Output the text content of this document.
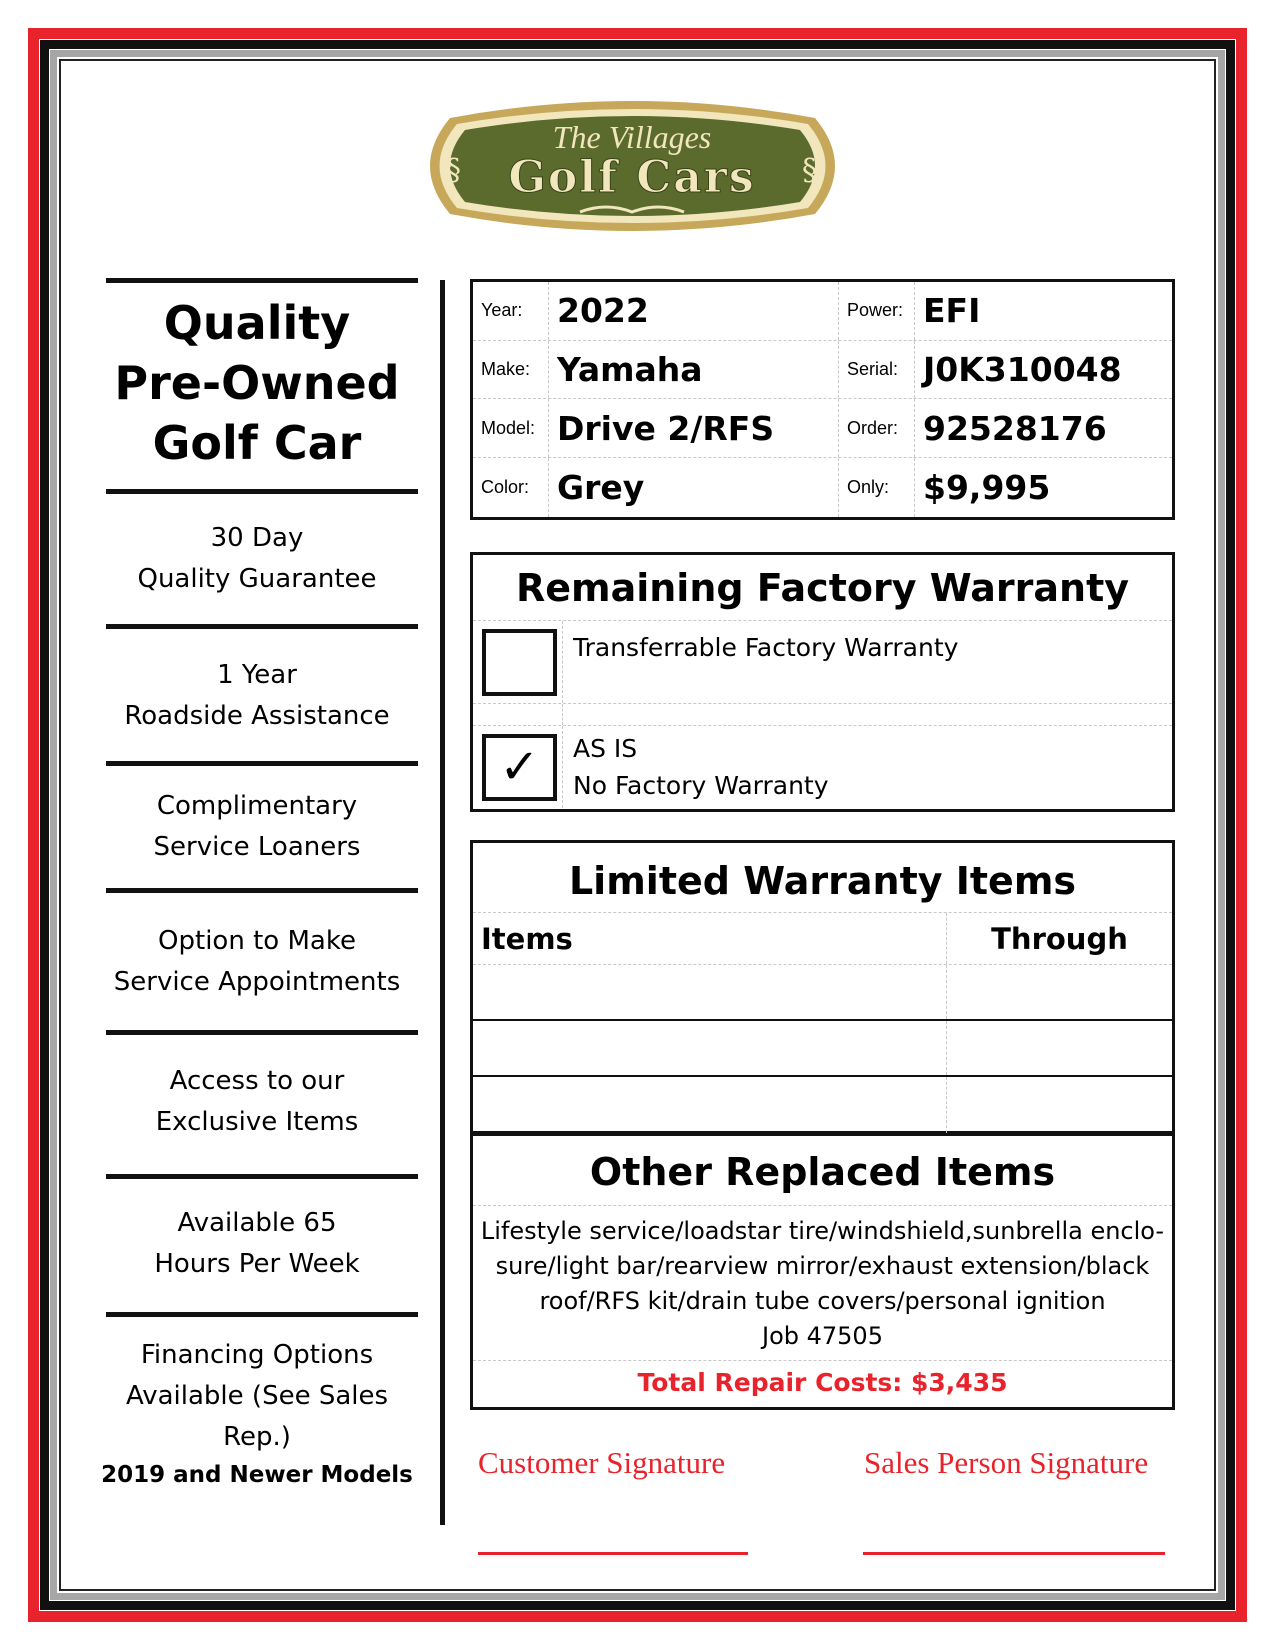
The Villages
Golf Cars
§	§
Quality
Pre-Owned
Golf Car
30 Day
Quality Guarantee
1 Year
Roadside Assistance
Complimentary
Service Loaners
Option to Make
Service Appointments
Access to our
Exclusive Items
Available 65
Hours Per Week
Financing Options
Available (See Sales Rep.)
2019 and Newer Models
Year:	2022	Power: EFI
Make: Yamaha	Serial: J0K310048
Model: Drive 2/RFS	Order: 92528176
Color: Grey	Only:	$9,995
Remaining Factory Warranty
Transferrable Factory Warranty
✓	AS IS
No Factory Warranty
Limited Warranty Items
Items	Through
Other Replaced Items
Lifestyle service/loadstar tire/windshield,sunbrella enclo-
sure/light bar/rearview mirror/exhaust extension/black
roof/RFS kit/drain tube covers/personal ignition
Job 47505
Total Repair Costs: $3,435
Customer Signature	Sales Person Signature
